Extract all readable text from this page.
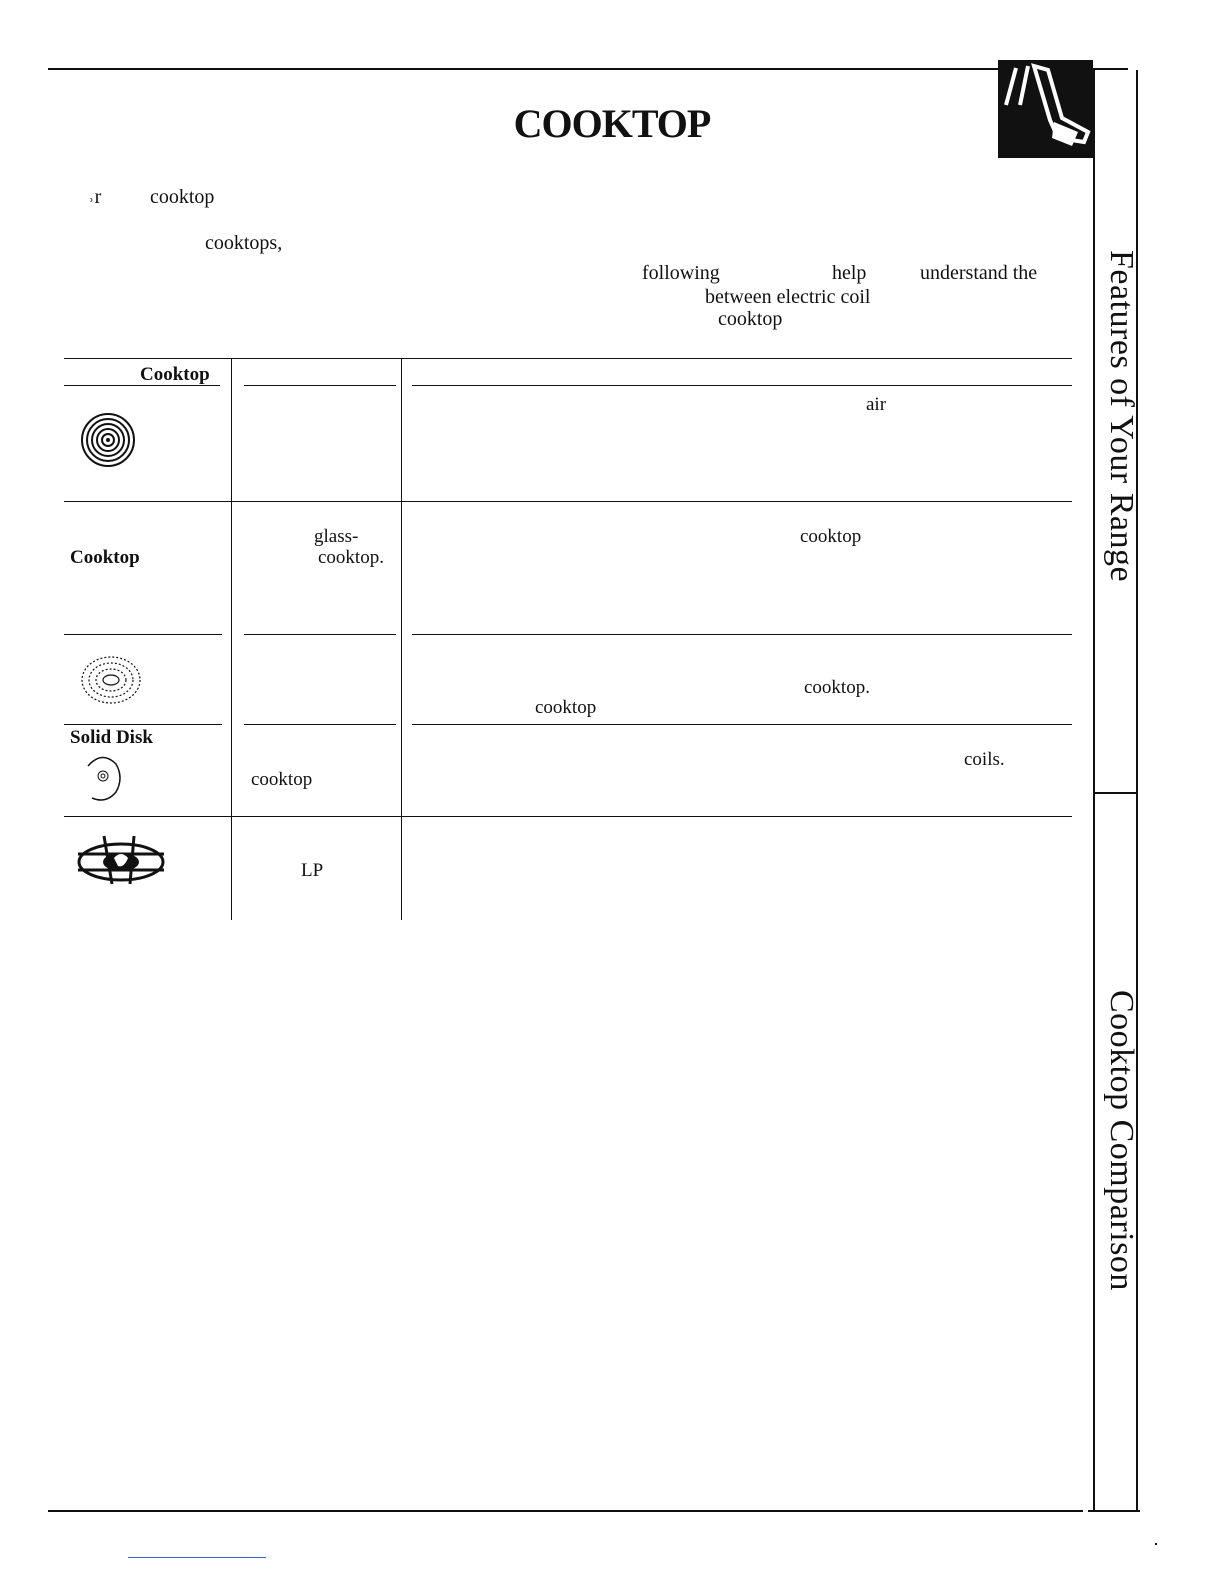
COOKTOP
Features of Your Range
Cooktop Comparison
˒r cooktop
cooktops,
following	help	understand the
between electric coil
cooktop
Cooktop
air
Cooktop
glass-
cooktop.
cooktop
cooktop.
cooktop
Solid Disk
cooktop
coils.
LP
